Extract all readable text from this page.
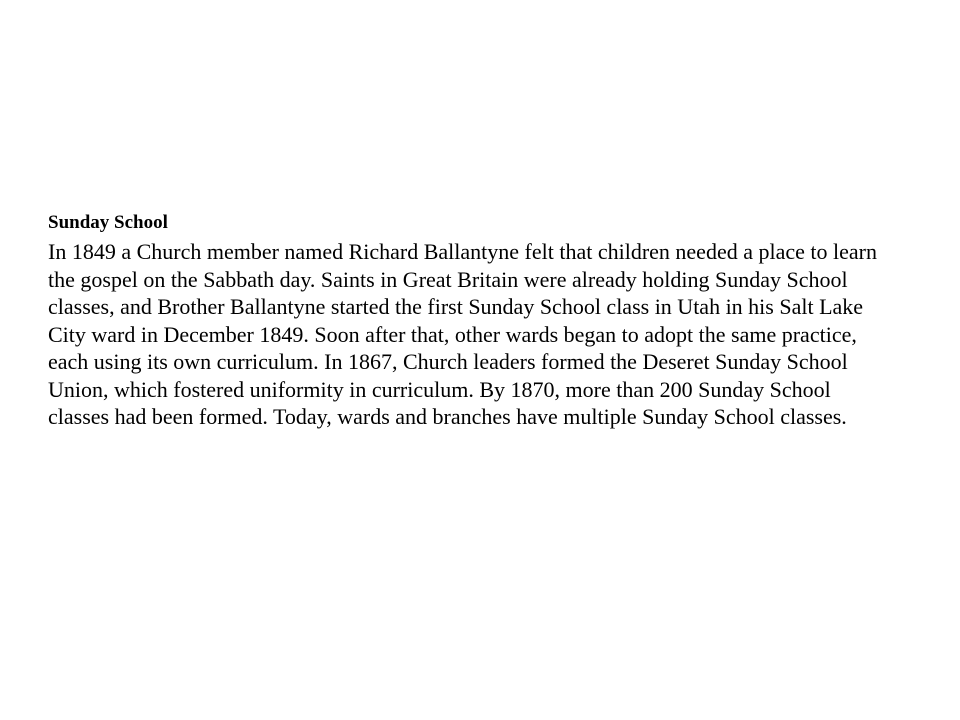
Sunday School

In 1849 a Church member named Richard Ballantyne felt that children needed a place to learn the gospel on the Sabbath day. Saints in Great Britain were already holding Sunday School classes, and Brother Ballantyne started the first Sunday School class in Utah in his Salt Lake City ward in December 1849. Soon after that, other wards began to adopt the same practice, each using its own curriculum. In 1867, Church leaders formed the Deseret Sunday School Union, which fostered uniformity in curriculum. By 1870, more than 200 Sunday School classes had been formed. Today, wards and branches have multiple Sunday School classes.
